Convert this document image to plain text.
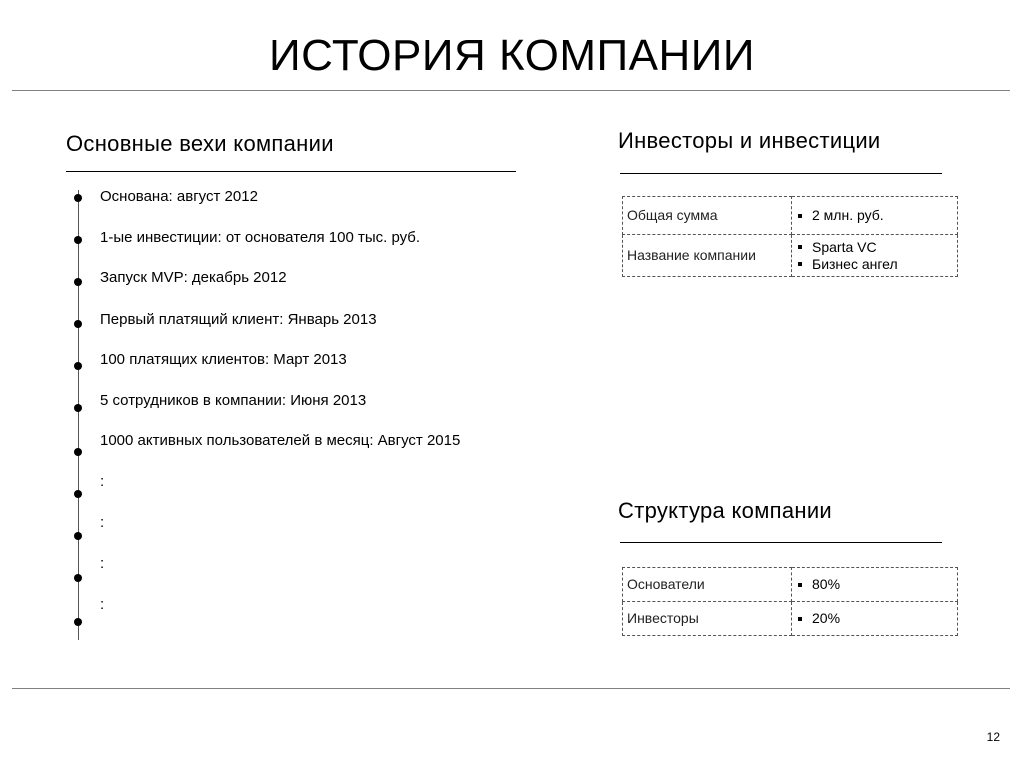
ИСТОРИЯ КОМПАНИИ
Основные вехи компании
Основана: август 2012
1-ые инвестиции: от основателя 100 тыс. руб.
Запуск MVP: декабрь 2012
Первый платящий клиент: Январь 2013
100 платящих клиентов: Март 2013
5 сотрудников в компании: Июня 2013
1000 активных пользователей в месяц: Август 2015
:
:
:
:
Инвесторы и инвестиции
Общая сумма	2 млн. руб.

Название компании	Sparta VC
Бизнес ангел
Структура компании
Основатели	80%

Инвесторы	20%
12
